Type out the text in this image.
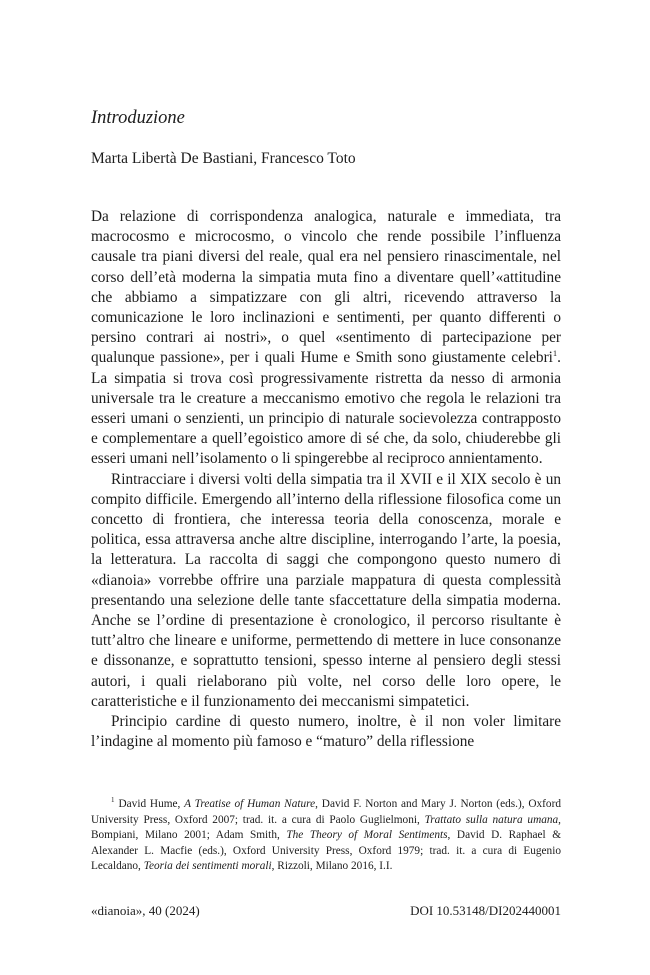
Introduzione

Marta Libertà De Bastiani, Francesco Toto

Da relazione di corrispondenza analogica, naturale e immediata, tra macrocosmo e microcosmo, o vincolo che rende possibile l’influenza causale tra piani diversi del reale, qual era nel pensiero rinascimentale, nel corso dell’età moderna la simpatia muta fino a diventare quell’«attitudine che abbiamo a simpatizzare con gli altri, ricevendo attraverso la comunicazione le loro inclinazioni e sentimenti, per quanto differenti o persino contrari ai nostri», o quel «sentimento di partecipazione per qualunque passione», per i quali Hume e Smith sono giustamente celebri$^1$. La simpatia si trova così progressivamente ristretta da nesso di armonia universale tra le creature a meccanismo emotivo che regola le relazioni tra esseri umani o senzienti, un principio di naturale socievolezza contrapposto e complementare a quell’egoistico amore di sé che, da solo, chiuderebbe gli esseri umani nell’isolamento o li spingerebbe al reciproco annientamento.

Rintracciare i diversi volti della simpatia tra il XVII e il XIX secolo è un compito difficile. Emergendo all’interno della riflessione filosofica come un concetto di frontiera, che interessa teoria della conoscenza, morale e politica, essa attraversa anche altre discipline, interrogando l’arte, la poesia, la letteratura. La raccolta di saggi che compongono questo numero di «dianoia» vorrebbe offrire una parziale mappatura di questa complessità presentando una selezione delle tante sfaccettature della simpatia moderna. Anche se l’ordine di presentazione è cronologico, il percorso risultante è tutt’altro che lineare e uniforme, permettendo di mettere in luce consonanze e dissonanze, e soprattutto tensioni, spesso interne al pensiero degli stessi autori, i quali rielaborano più volte, nel corso delle loro opere, le caratteristiche e il funzionamento dei meccanismi simpatetici.

Principio cardine di questo numero, inoltre, è il non voler limitare l’indagine al momento più famoso e “maturo” della riflessione

$^1$ David Hume, A Treatise of Human Nature, David F. Norton and Mary J. Norton (eds.), Oxford University Press, Oxford 2007; trad. it. a cura di Paolo Guglielmoni, Trattato sulla natura umana, Bompiani, Milano 2001; Adam Smith, The Theory of Moral Sentiments, David D. Raphael & Alexander L. Macfie (eds.), Oxford University Press, Oxford 1979; trad. it. a cura di Eugenio Lecaldano, Teoria dei sentimenti morali, Rizzoli, Milano 2016, I.I.

«dianoia», 40 (2024)	DOI 10.53148/DI202440001
